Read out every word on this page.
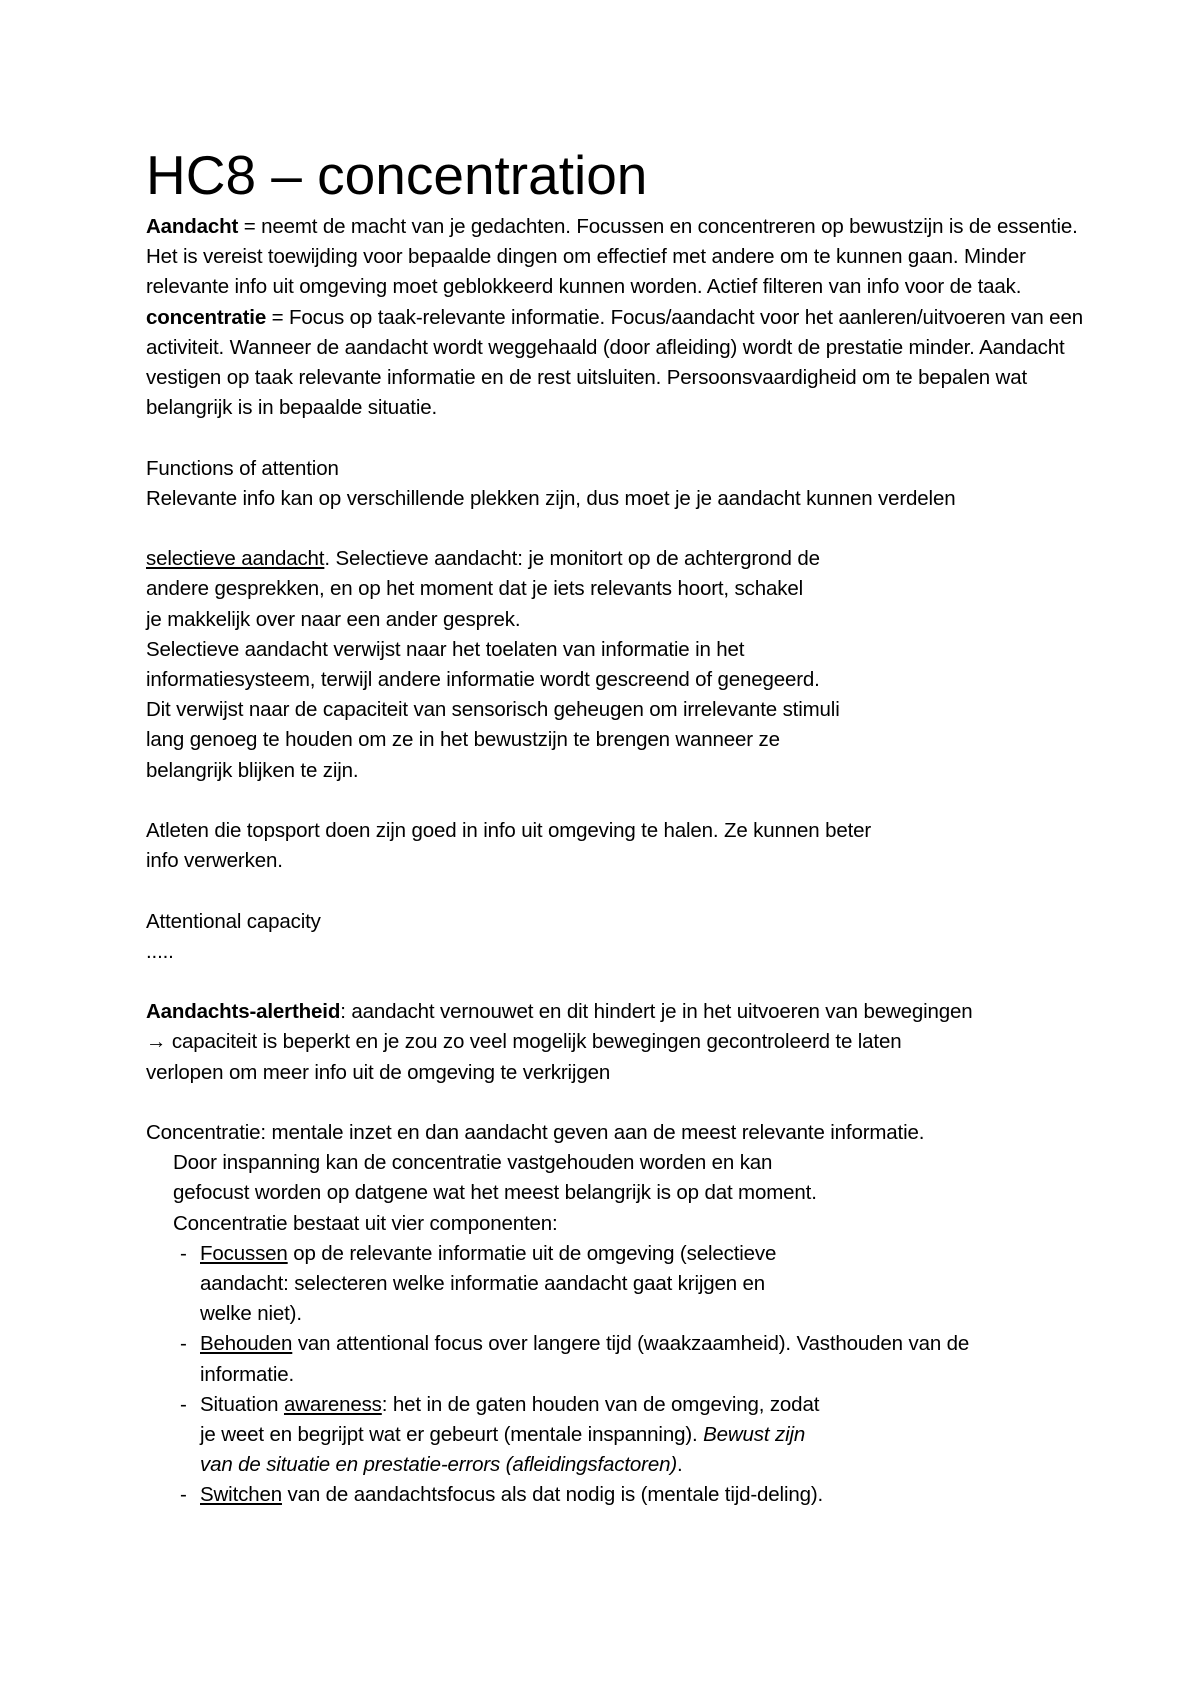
HC8 – concentration

Aandacht = neemt de macht van je gedachten. Focussen en concentreren op bewustzijn is de essentie. Het is vereist toewijding voor bepaalde dingen om effectief met andere om te kunnen gaan. Minder relevante info uit omgeving moet geblokkeerd kunnen worden. Actief filteren van info voor de taak.

concentratie = Focus op taak-relevante informatie. Focus/aandacht voor het aanleren/uitvoeren van een activiteit. Wanneer de aandacht wordt weggehaald (door afleiding) wordt de prestatie minder. Aandacht vestigen op taak relevante informatie en de rest uitsluiten. Persoonsvaardigheid om te bepalen wat belangrijk is in bepaalde situatie.

Functions of attention

Relevante info kan op verschillende plekken zijn, dus moet je je aandacht kunnen verdelen

selectieve aandacht. Selectieve aandacht: je monitort op de achtergrond de

andere gesprekken, en op het moment dat je iets relevants hoort, schakel

je makkelijk over naar een ander gesprek.

Selectieve aandacht verwijst naar het toelaten van informatie in het

informatiesysteem, terwijl andere informatie wordt gescreend of genegeerd.

Dit verwijst naar de capaciteit van sensorisch geheugen om irrelevante stimuli

lang genoeg te houden om ze in het bewustzijn te brengen wanneer ze

belangrijk blijken te zijn.

Atleten die topsport doen zijn goed in info uit omgeving te halen. Ze kunnen beter info verwerken.

Attentional capacity

.....

Aandachts-alertheid: aandacht vernouwet en dit hindert je in het uitvoeren van bewegingen

→ capaciteit is beperkt en je zou zo veel mogelijk bewegingen gecontroleerd te laten

verlopen om meer info uit de omgeving te verkrijgen

Concentratie: mentale inzet en dan aandacht geven aan de meest relevante informatie.

Door inspanning kan de concentratie vastgehouden worden en kan

gefocust worden op datgene wat het meest belangrijk is op dat moment.

Concentratie bestaat uit vier componenten:

- Focussen op de relevante informatie uit de omgeving (selectieve

aandacht: selecteren welke informatie aandacht gaat krijgen en

welke niet).

- Behouden van attentional focus over langere tijd (waakzaamheid). Vasthouden van de

informatie.

- Situation awareness: het in de gaten houden van de omgeving, zodat

je weet en begrijpt wat er gebeurt (mentale inspanning). Bewust zijn

van de situatie en prestatie-errors (afleidingsfactoren).

- Switchen van de aandachtsfocus als dat nodig is (mentale tijd-deling).
